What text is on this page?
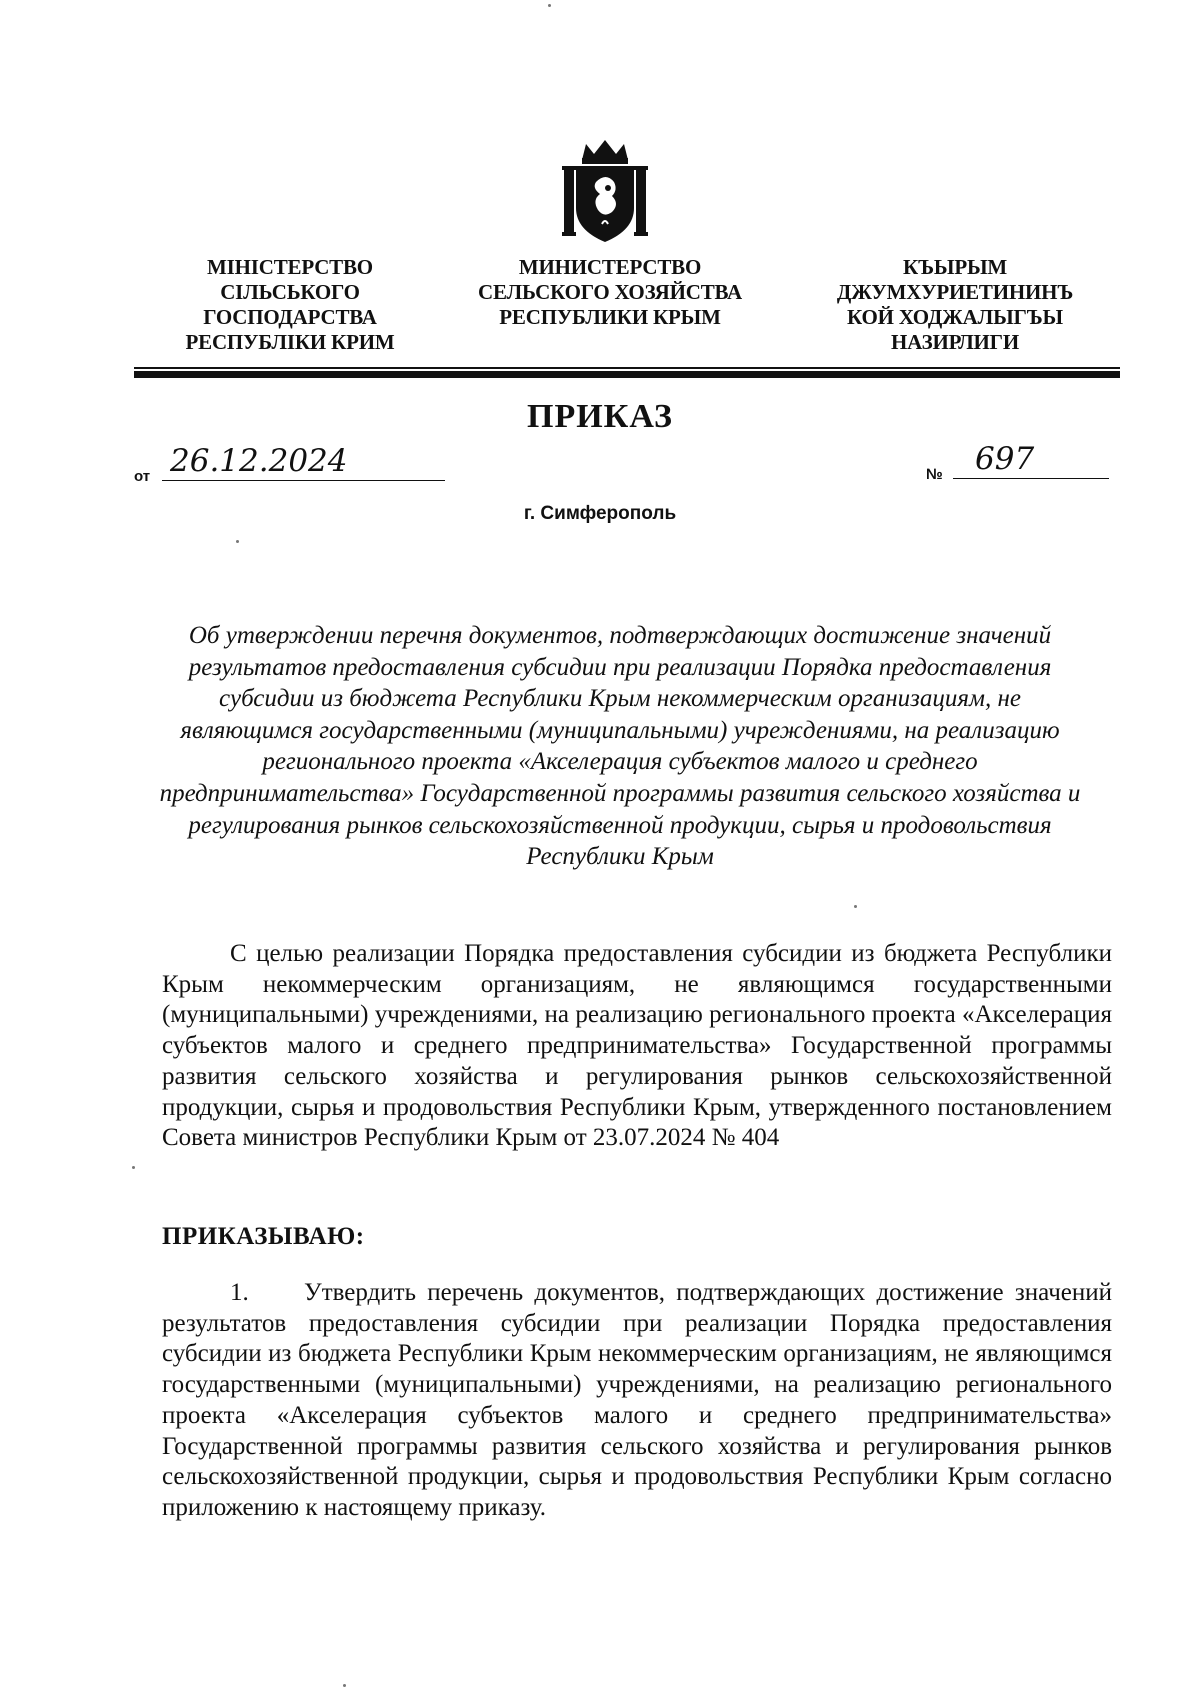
МIНIСТЕРСТВО
СIЛЬСЬКОГО
ГОСПОДАРСТВА
РЕСПУБЛIКИ КРИМ
МИНИСТЕРСТВО
СЕЛЬСКОГО ХОЗЯЙСТВА
РЕСПУБЛИКИ КРЫМ
КЪЫРЫМ
ДЖУМХУРИЕТИНИНЪ
КОЙ ХОДЖАЛЫГЪЫ
НАЗИРЛИГИ
ПРИКАЗ
от 26.12.2024	№	697
г. Симферополь
Об утверждении перечня документов, подтверждающих достижение значений результатов предоставления субсидии при реализации Порядка предоставления субсидии из бюджета Республики Крым некоммерческим организациям, не являющимся государственными (муниципальными) учреждениями, на реализацию регионального проекта «Акселерация субъектов малого и среднего предпринимательства» Государственной программы развития сельского хозяйства и регулирования рынков сельскохозяйственной продукции, сырья и продовольствия Республики Крым
С целью реализации Порядка предоставления субсидии из бюджета Республики Крым некоммерческим организациям, не являющимся государственными (муниципальными) учреждениями, на реализацию регионального проекта «Акселерация субъектов малого и среднего предпринимательства» Государственной программы развития сельского хозяйства и регулирования рынков сельскохозяйственной продукции, сырья и продовольствия Республики Крым, утвержденного постановлением Совета министров Республики Крым от 23.07.2024 № 404
ПРИКАЗЫВАЮ:
1. Утвердить перечень документов, подтверждающих достижение значений результатов предоставления субсидии при реализации Порядка предоставления субсидии из бюджета Республики Крым некоммерческим организациям, не являющимся государственными (муниципальными) учреждениями, на реализацию регионального проекта «Акселерация субъектов малого и среднего предпринимательства» Государственной программы развития сельского хозяйства и регулирования рынков сельскохозяйственной продукции, сырья и продовольствия Республики Крым согласно приложению к настоящему приказу.
